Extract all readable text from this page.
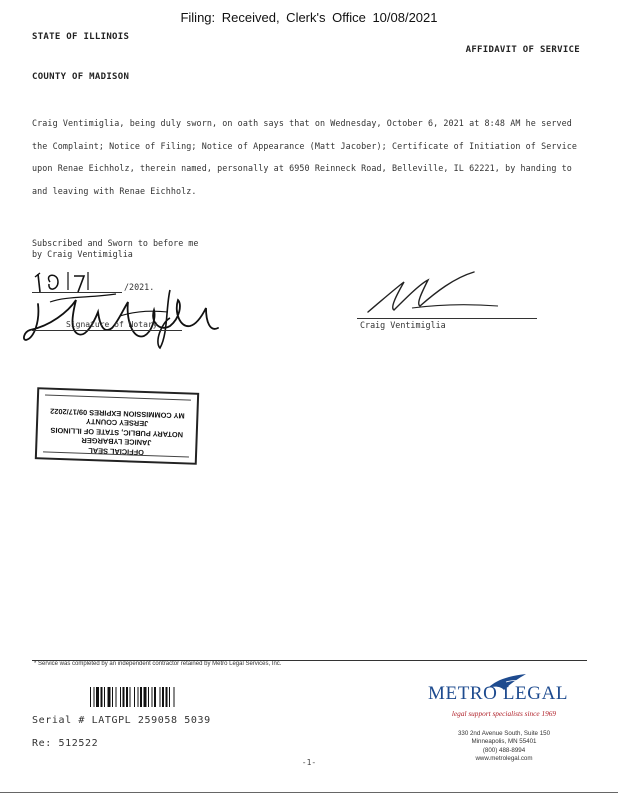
Filing: Received, Clerk's Office 10/08/2021
STATE OF ILLINOIS
AFFIDAVIT OF SERVICE
COUNTY OF MADISON
Craig Ventimiglia, being duly sworn, on oath says that on Wednesday, October 6, 2021 at 8:48 AM he served the Complaint; Notice of Filing; Notice of Appearance (Matt Jacober); Certificate of Initiation of Service upon Renae Eichholz, therein named, personally at 6950 Reinneck Road, Belleville, IL 62221, by handing to and leaving with Renae Eichholz.
Subscribed and Sworn to before me
by Craig Ventimiglia
/2021.
Signature of Notary	Craig Ventimiglia
OFFICIAL SEAL
JANICE LYBARGER
NOTARY PUBLIC, STATE OF ILLINOIS
JERSEY COUNTY
MY COMMISSION EXPIRES 09/17/2022
* Service was completed by an independent contractor retained by Metro Legal Services, Inc.
Serial # LATGPL 259058 5039
Re: 512522
-1-
METRO LEGAL
legal support specialists since 1969
330 2nd Avenue South, Suite 150
Minneapolis, MN 55401
(800) 488-8994
www.metrolegal.com
